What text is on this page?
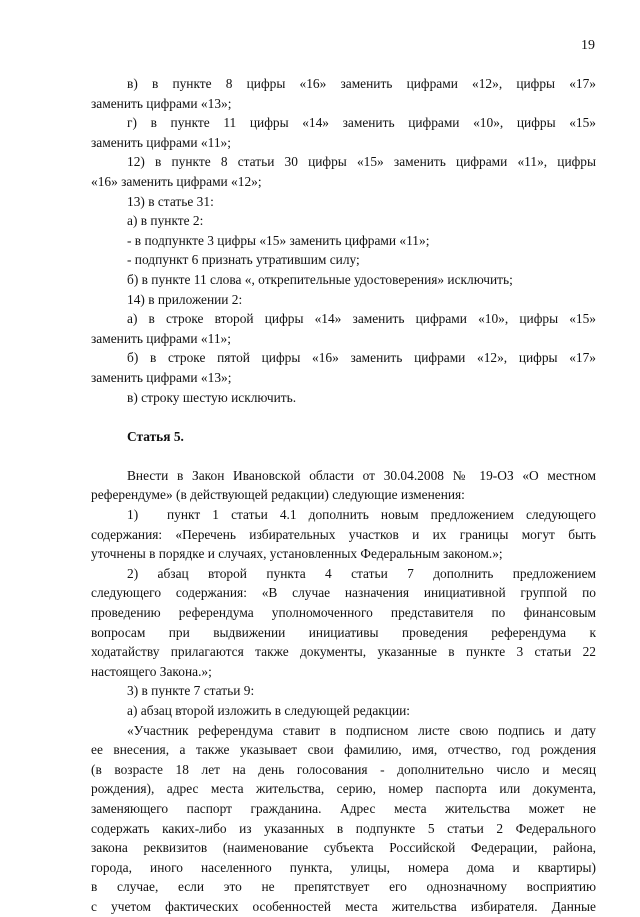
19
в) в пункте 8 цифры «16» заменить цифрами «12», цифры «17»
заменить цифрами «13»;
г) в пункте 11 цифры «14» заменить цифрами «10», цифры «15»
заменить цифрами «11»;
12) в пункте 8 статьи 30 цифры «15» заменить цифрами «11», цифры
«16» заменить цифрами «12»;
13) в статье 31:
а) в пункте 2:
- в подпункте 3 цифры «15» заменить цифрами «11»;
- подпункт 6 признать утратившим силу;
б) в пункте 11 слова «, открепительные удостоверения» исключить;
14) в приложении 2:
а) в строке второй цифры «14» заменить цифрами «10», цифры «15»
заменить цифрами «11»;
б) в строке пятой цифры «16» заменить цифрами «12», цифры «17»
заменить цифрами «13»;
в) строку шестую исключить.
Статья 5.
Внести в Закон Ивановской области от 30.04.2008 № 19-ОЗ «О местном
референдуме» (в действующей редакции) следующие изменения:
1) пункт 1 статьи 4.1 дополнить новым предложением следующего
содержания: «Перечень избирательных участков и их границы могут быть
уточнены в порядке и случаях, установленных Федеральным законом.»;
2) абзац второй пункта 4 статьи 7 дополнить предложением
следующего содержания: «В случае назначения инициативной группой по
проведению референдума уполномоченного представителя по финансовым
вопросам при выдвижении инициативы проведения референдума к
ходатайству прилагаются также документы, указанные в пункте 3 статьи 22
настоящего Закона.»;
3) в пункте 7 статьи 9:
а) абзац второй изложить в следующей редакции:
«Участник референдума ставит в подписном листе свою подпись и дату
ее внесения, а также указывает свои фамилию, имя, отчество, год рождения
(в возрасте 18 лет на день голосования - дополнительно число и месяц
рождения), адрес места жительства, серию, номер паспорта или документа,
заменяющего паспорт гражданина. Адрес места жительства может не
содержать каких-либо из указанных в подпункте 5 статьи 2 Федерального
закона реквизитов (наименование субъекта Российской Федерации, района,
города, иного населенного пункта, улицы, номера дома и квартиры)
в случае, если это не препятствует его однозначному восприятию
с учетом фактических особенностей места жительства избирателя. Данные
